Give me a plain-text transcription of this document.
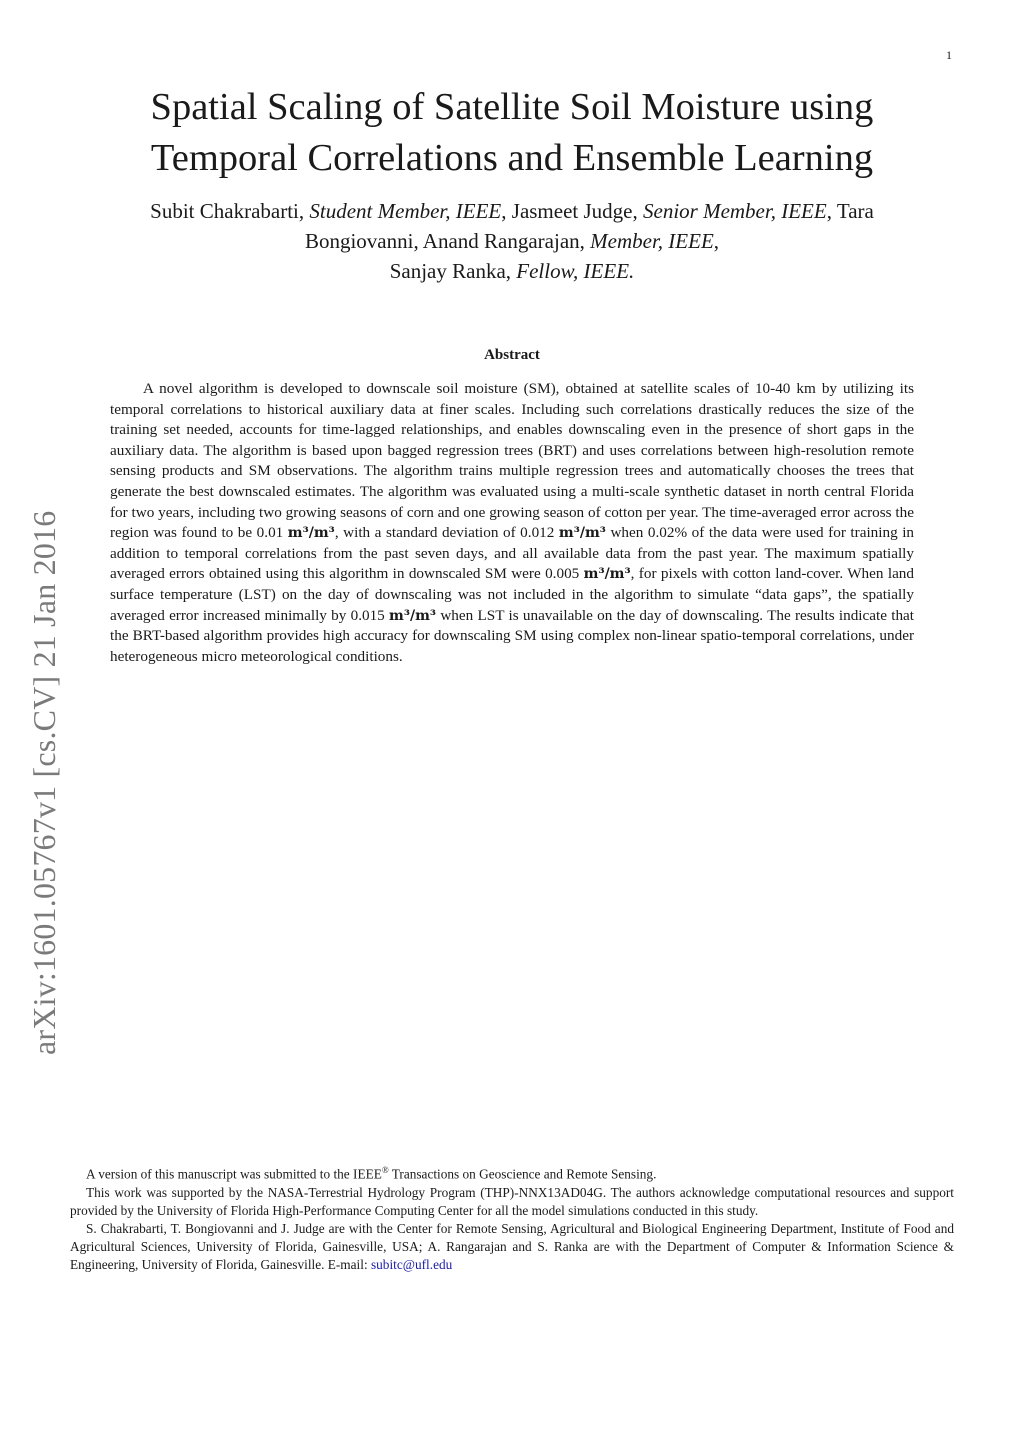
1
arXiv:1601.05767v1 [cs.CV] 21 Jan 2016
Spatial Scaling of Satellite Soil Moisture using Temporal Correlations and Ensemble Learning
Subit Chakrabarti, Student Member, IEEE, Jasmeet Judge, Senior Member, IEEE, Tara Bongiovanni, Anand Rangarajan, Member, IEEE,
Sanjay Ranka, Fellow, IEEE.
Abstract

A novel algorithm is developed to downscale soil moisture (SM), obtained at satellite scales of 10-40 km by utilizing its temporal correlations to historical auxiliary data at finer scales. Including such correlations drastically reduces the size of the training set needed, accounts for time-lagged relationships, and enables downscaling even in the presence of short gaps in the auxiliary data. The algorithm is based upon bagged regression trees (BRT) and uses correlations between high-resolution remote sensing products and SM observations. The algorithm trains multiple regression trees and automatically chooses the trees that generate the best downscaled estimates. The algorithm was evaluated using a multi-scale synthetic dataset in north central Florida for two years, including two growing seasons of corn and one growing season of cotton per year. The time-averaged error across the region was found to be 0.01 m³/m³, with a standard deviation of 0.012 m³/m³ when 0.02% of the data were used for training in addition to temporal correlations from the past seven days, and all available data from the past year. The maximum spatially averaged errors obtained using this algorithm in downscaled SM were 0.005 m³/m³, for pixels with cotton land-cover. When land surface temperature (LST) on the day of downscaling was not included in the algorithm to simulate “data gaps”, the spatially averaged error increased minimally by 0.015 m³/m³ when LST is unavailable on the day of downscaling. The results indicate that the BRT-based algorithm provides high accuracy for downscaling SM using complex non-linear spatio-temporal correlations, under heterogeneous micro meteorological conditions.

A version of this manuscript was submitted to the IEEE® Transactions on Geoscience and Remote Sensing.

This work was supported by the NASA-Terrestrial Hydrology Program (THP)-NNX13AD04G. The authors acknowledge computational resources and support provided by the University of Florida High-Performance Computing Center for all the model simulations conducted in this study.

S. Chakrabarti, T. Bongiovanni and J. Judge are with the Center for Remote Sensing, Agricultural and Biological Engineering Department, Institute of Food and Agricultural Sciences, University of Florida, Gainesville, USA; A. Rangarajan and S. Ranka are with the Department of Computer & Information Science & Engineering, University of Florida, Gainesville. E-mail: subitc@ufl.edu
